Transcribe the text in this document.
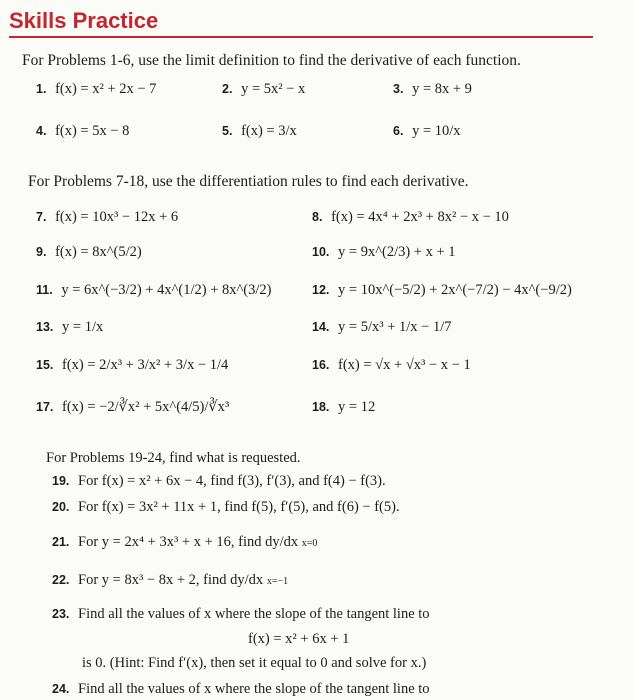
Skills Practice
For Problems 1-6, use the limit definition to find the derivative of each function.
1. f(x) = x² + 2x − 7	2. y = 5x² − x	3. y = 8x + 9
4. f(x) = 5x − 8	5. f(x) = 3/x	6. y = 10/x
For Problems 7-18, use the differentiation rules to find each derivative.
7. f(x) = 10x³ − 12x + 6	8. f(x) = 4x⁴ + 2x³ + 8x² − x − 10
9. f(x) = 8x^(5/2)	10. y = 9x^(2/3) + x + 1
11. y = 6x^(−3/2) + 4x^(1/2) + 8x^(3/2)	12. y = 10x^(−5/2) + 2x^(−7/2) − 4x^(−9/2)
13. y = 1/x	14. y = 5/x³ + 1/x − 1/7
15. f(x) = 2/x³ + 3/x² + 3/x − 1/4	16. f(x) = √x + √x³ − x − 1
17. f(x) = −2/∛x² + 5x^(4/5)/∛x³	18. y = 12
For Problems 19-24, find what is requested.
19. For f(x) = x² + 6x − 4, find f(3), f′(3), and f(4) − f(3).
20. For f(x) = 3x² + 11x + 1, find f(5), f′(5), and f(6) − f(5).
21. For y = 2x⁴ + 3x³ + x + 16, find dy/dx x=0
22. For y = 8x³ − 8x + 2, find dy/dx x=−1
23. Find all the values of x where the slope of the tangent line to
f(x) = x² + 6x + 1
is 0. (Hint: Find f′(x), then set it equal to 0 and solve for x.)
24. Find all the values of x where the slope of the tangent line to
